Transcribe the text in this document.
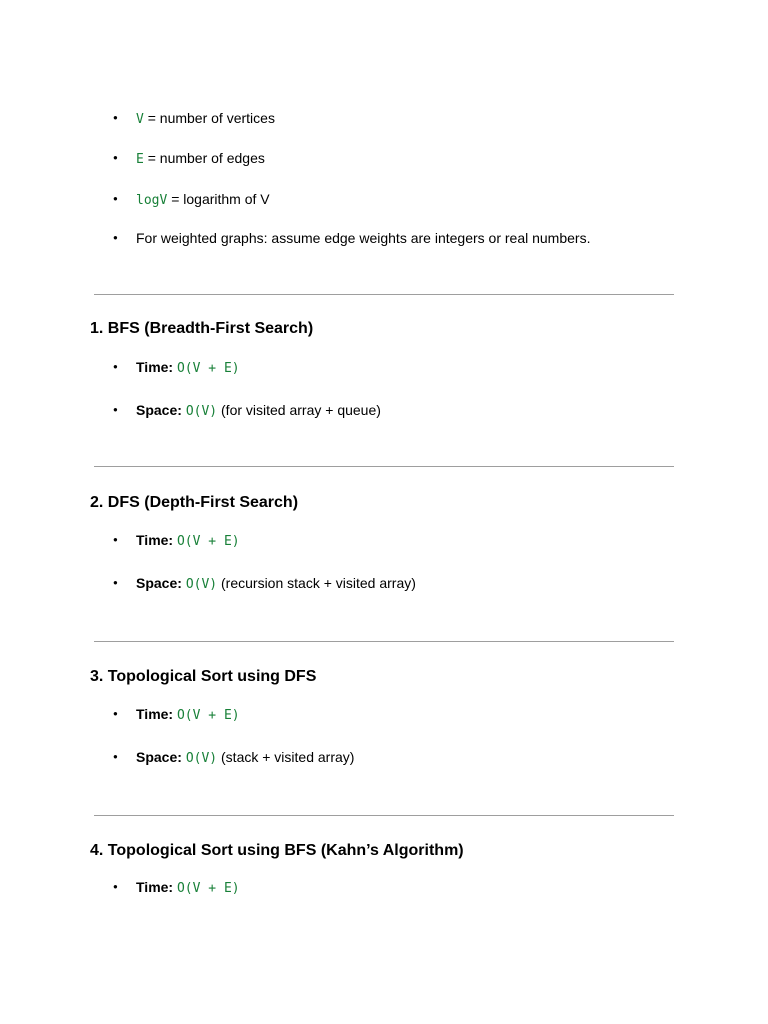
● V = number of vertices
● E = number of edges
● logV = logarithm of V
● For weighted graphs: assume edge weights are integers or real numbers.
1. BFS (Breadth-First Search)
● Time: O(V + E)
● Space: O(V) (for visited array + queue)
2. DFS (Depth-First Search)
● Time: O(V + E)
● Space: O(V) (recursion stack + visited array)
3. Topological Sort using DFS
● Time: O(V + E)
● Space: O(V) (stack + visited array)
4. Topological Sort using BFS (Kahn’s Algorithm)
● Time: O(V + E)
